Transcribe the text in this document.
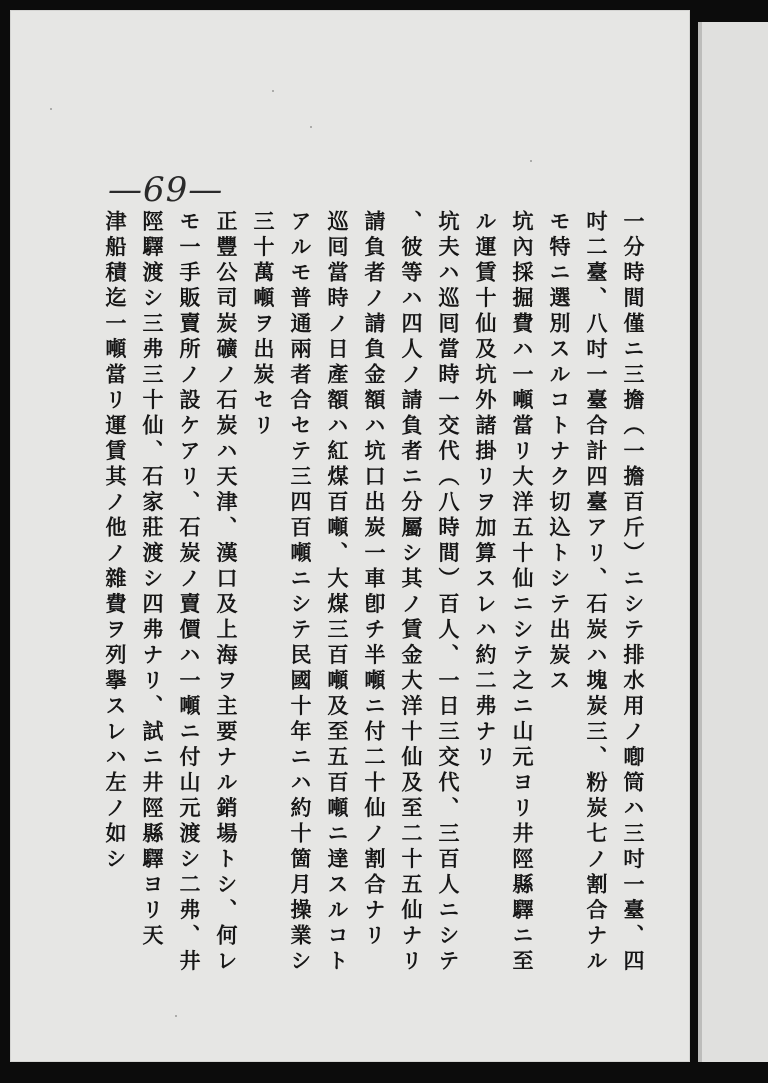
—69—
一分時間僅ニ三擔（一擔百斤）ニシテ排水用ノ喞筒ハ三吋一臺、四
吋二臺、八吋一臺合計四臺アリ、石炭ハ塊炭三、粉炭七ノ割合ナル
モ特ニ選別スルコトナク切込トシテ出炭ス
坑內採掘費ハ一噸當リ大洋五十仙ニシテ之ニ山元ヨリ井陘縣驛ニ至
ル運賃十仙及坑外諸掛リヲ加算スレハ約二弗ナリ
坑夫ハ巡囘當時一交代（八時間）百人、一日三交代、三百人ニシテ
彼等ハ四人ノ請負者ニ分屬シ其ノ賃金大洋十仙及至二十五仙ナリ、
請負者ノ請負金額ハ坑口出炭一車卽チ半噸ニ付二十仙ノ割合ナリ
巡囘當時ノ日產額ハ紅煤百噸、大煤三百噸及至五百噸ニ達スルコト
アルモ普通兩者合セテ三四百噸ニシテ民國十年ニハ約十箇月操業シ
三十萬噸ヲ出炭セリ
正豐公司炭礦ノ石炭ハ天津、漢口及上海ヲ主要ナル銷場トシ、何レ
モ一手販賣所ノ設ケアリ、石炭ノ賣價ハ一噸ニ付山元渡シ二弗、井
陘驛渡シ三弗三十仙、石家莊渡シ四弗ナリ、試ニ井陘縣驛ヨリ天
津船積迄一噸當リ運賃其ノ他ノ雜費ヲ列擧スレハ左ノ如シ
